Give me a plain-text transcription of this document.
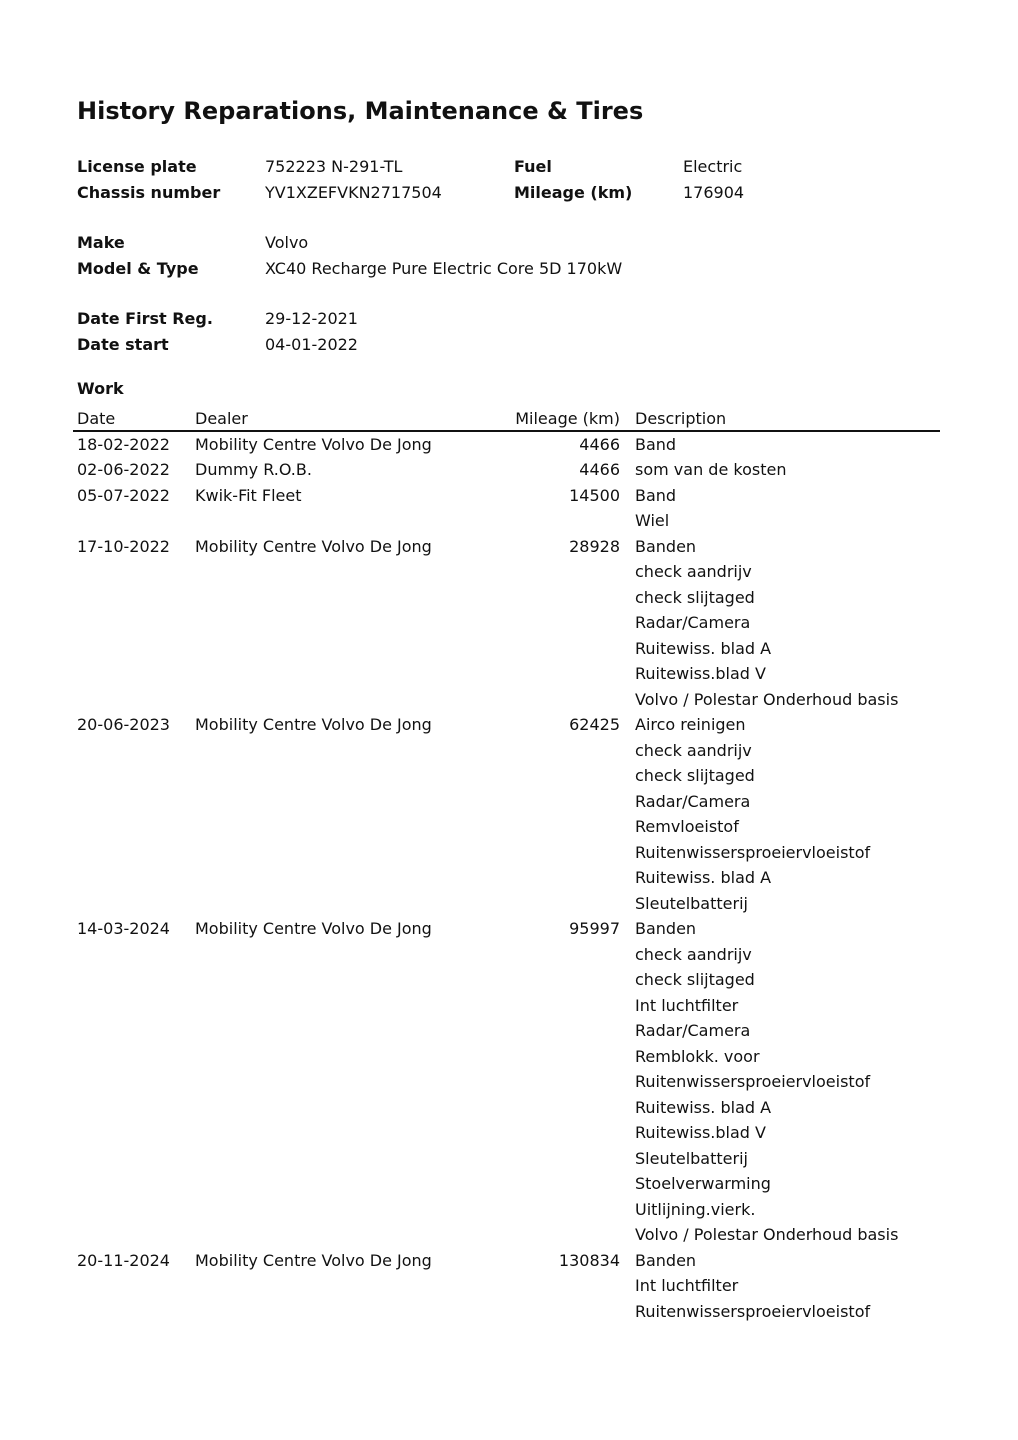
History Reparations, Maintenance & Tires
License plate	752223 N-291-TL	Fuel	Electric
Chassis number	YV1XZEFVKN2717504	Mileage (km)	176904
Make	Volvo
Model & Type	XC40 Recharge Pure Electric Core 5D 170kW
Date First Reg.	29-12-2021
Date start	04-01-2022
Work
Date	Dealer	Mileage (km) Description
18-02-2022 Mobility Centre Volvo De Jong	4466 Band
02-06-2022 Dummy R.O.B.	4466 som van de kosten
05-07-2022 Kwik-Fit Fleet	14500 Band
Wiel
17-10-2022 Mobility Centre Volvo De Jong	28928 Banden
check aandrijv
check slijtaged
Radar/Camera
Ruitewiss. blad A
Ruitewiss.blad V
Volvo / Polestar Onderhoud basis
20-06-2023 Mobility Centre Volvo De Jong	62425 Airco reinigen
check aandrijv
check slijtaged
Radar/Camera
Remvloeistof
Ruitenwissersproeiervloeistof
Ruitewiss. blad A
Sleutelbatterij
14-03-2024 Mobility Centre Volvo De Jong	95997 Banden
check aandrijv
check slijtaged
Int luchtfilter
Radar/Camera
Remblokk. voor
Ruitenwissersproeiervloeistof
Ruitewiss. blad A
Ruitewiss.blad V
Sleutelbatterij
Stoelverwarming
Uitlijning.vierk.
Volvo / Polestar Onderhoud basis
20-11-2024 Mobility Centre Volvo De Jong	130834 Banden
Int luchtfilter
Ruitenwissersproeiervloeistof
